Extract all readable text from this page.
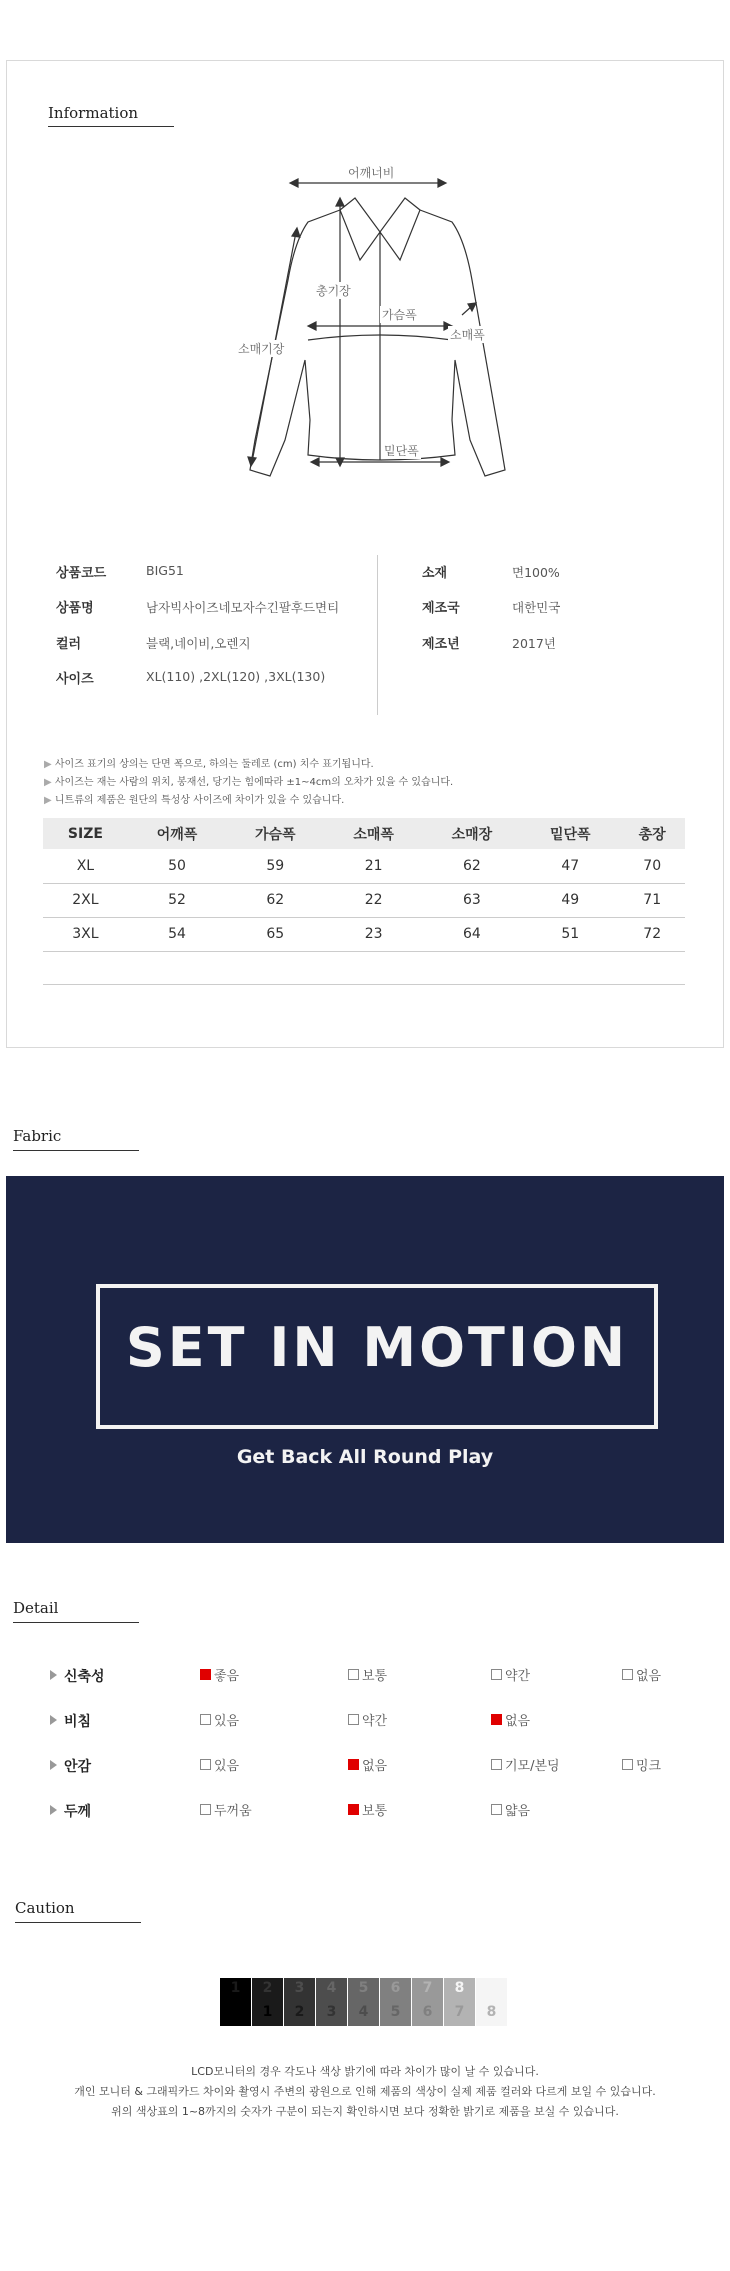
Information
어깨너비
총기장
가슴폭
소매폭
소매기장
밑단폭
상품코드	BIG51
상품명	남자빅사이즈네모자수긴팔후드면티
컬러	블랙,네이비,오렌지
사이즈	XL(110) ,2XL(120) ,3XL(130)
소재	면100%
제조국	대한민국
제조년	2017년
▶ 사이즈 표기의 상의는 단면 폭으로, 하의는 둘레로 (cm) 치수 표기됩니다.
▶ 사이즈는 재는 사람의 위치, 봉재선, 당기는 힘에따라 ±1~4cm의 오차가 있을 수 있습니다.
▶ 니트류의 제품은 원단의 특성상 사이즈에 차이가 있을 수 있습니다.
SIZE	어깨폭	가슴폭	소매폭	소매장	밑단폭	총장
XL	50	59	21	62	47	70
2XL	52	62	22	63	49	71
3XL	54	65	23	64	51	72
Fabric
SET IN MOTION
Get Back All Round Play
Detail
신축성	좋음	보통	약간	없음
비침	있음	약간	없음
안감	있음	없음	기모/본딩	밍크
두께	두꺼움	보통	얇음
Caution
1	2	3	4	5	6	7	8
1	2	3	4	5	6	7	8
LCD모니터의 경우 각도나 색상 밝기에 따라 차이가 많이 날 수 있습니다.
개인 모니터 & 그래픽카드 차이와 촬영시 주변의 광원으로 인해 제품의 색상이 실제 제품 컬러와 다르게 보일 수 있습니다.
위의 색상표의 1~8까지의 숫자가 구분이 되는지 확인하시면 보다 정확한 밝기로 제품을 보실 수 있습니다.
